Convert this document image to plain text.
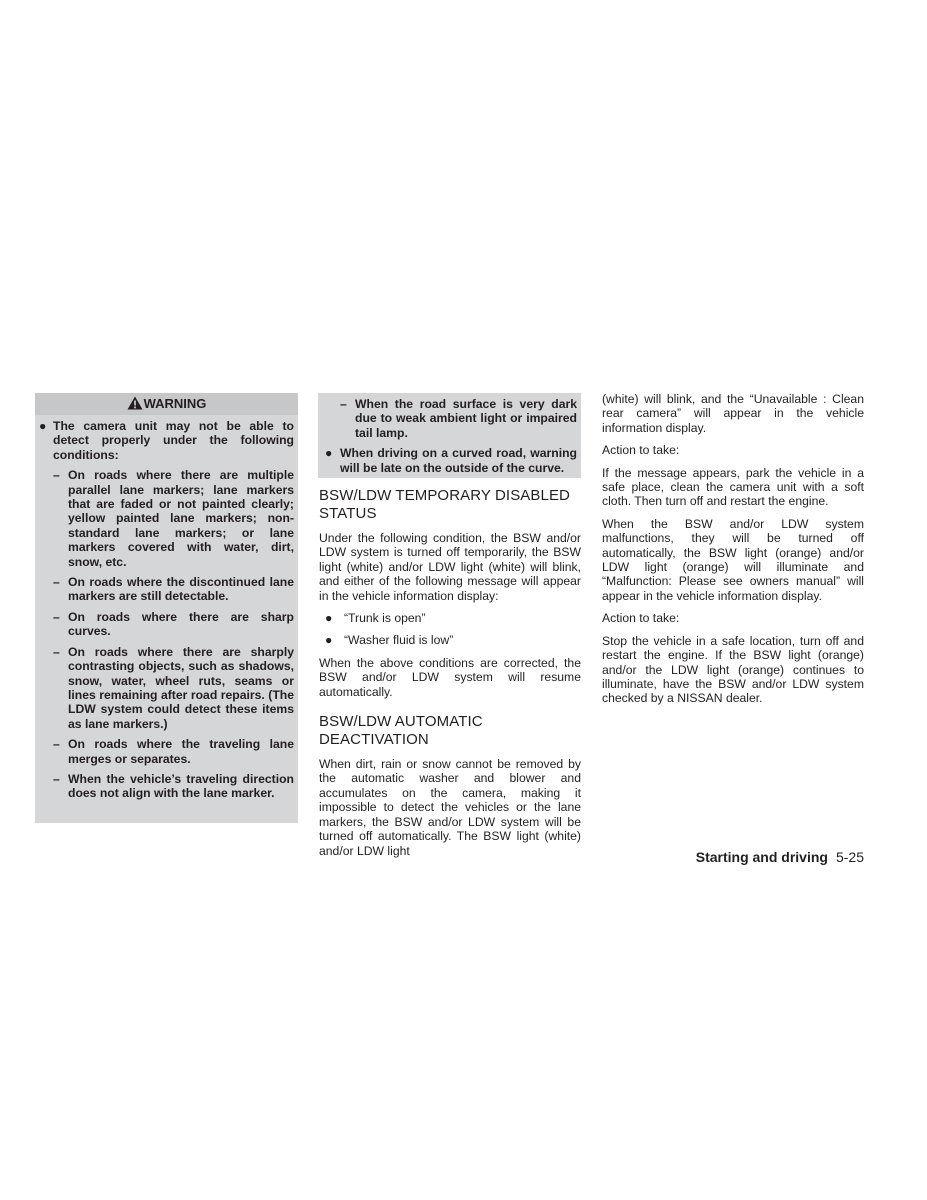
WARNING
● The camera unit may not be able to detect properly under the following conditions:
– On roads where there are multiple parallel lane markers; lane markers that are faded or not painted clearly; yellow painted lane markers; non-standard lane markers; or lane markers covered with water, dirt, snow, etc.
– On roads where the discontinued lane markers are still detectable.
– On roads where there are sharp curves.
– On roads where there are sharply contrasting objects, such as shadows, snow, water, wheel ruts, seams or lines remaining after road repairs. (The LDW system could detect these items as lane markers.)
– On roads where the traveling lane merges or separates.
– When the vehicle’s traveling direction does not align with the lane marker.
– When the road surface is very dark due to weak ambient light or impaired tail lamp.
● When driving on a curved road, warning will be late on the outside of the curve.
BSW/LDW TEMPORARY DISABLED STATUS

Under the following condition, the BSW and/or LDW system is turned off temporarily, the BSW light (white) and/or LDW light (white) will blink, and either of the following message will appear in the vehicle information display:

● “Trunk is open”
● “Washer fluid is low”

When the above conditions are corrected, the BSW and/or LDW system will resume automatically.

BSW/LDW AUTOMATIC DEACTIVATION

When dirt, rain or snow cannot be removed by the automatic washer and blower and accumulates on the camera, making it impossible to detect the vehicles or the lane markers, the BSW and/or LDW system will be turned off automatically. The BSW light (white) and/or LDW light

(white) will blink, and the “Unavailable : Clean rear camera” will appear in the vehicle information display.

Action to take:

If the message appears, park the vehicle in a safe place, clean the camera unit with a soft cloth. Then turn off and restart the engine.

When the BSW and/or LDW system malfunctions, they will be turned off automatically, the BSW light (orange) and/or LDW light (orange) will illuminate and “Malfunction: Please see owners manual” will appear in the vehicle information display.

Action to take:

Stop the vehicle in a safe location, turn off and restart the engine. If the BSW light (orange) and/or the LDW light (orange) continues to illuminate, have the BSW and/or LDW system checked by a NISSAN dealer.

Starting and driving 5-25
